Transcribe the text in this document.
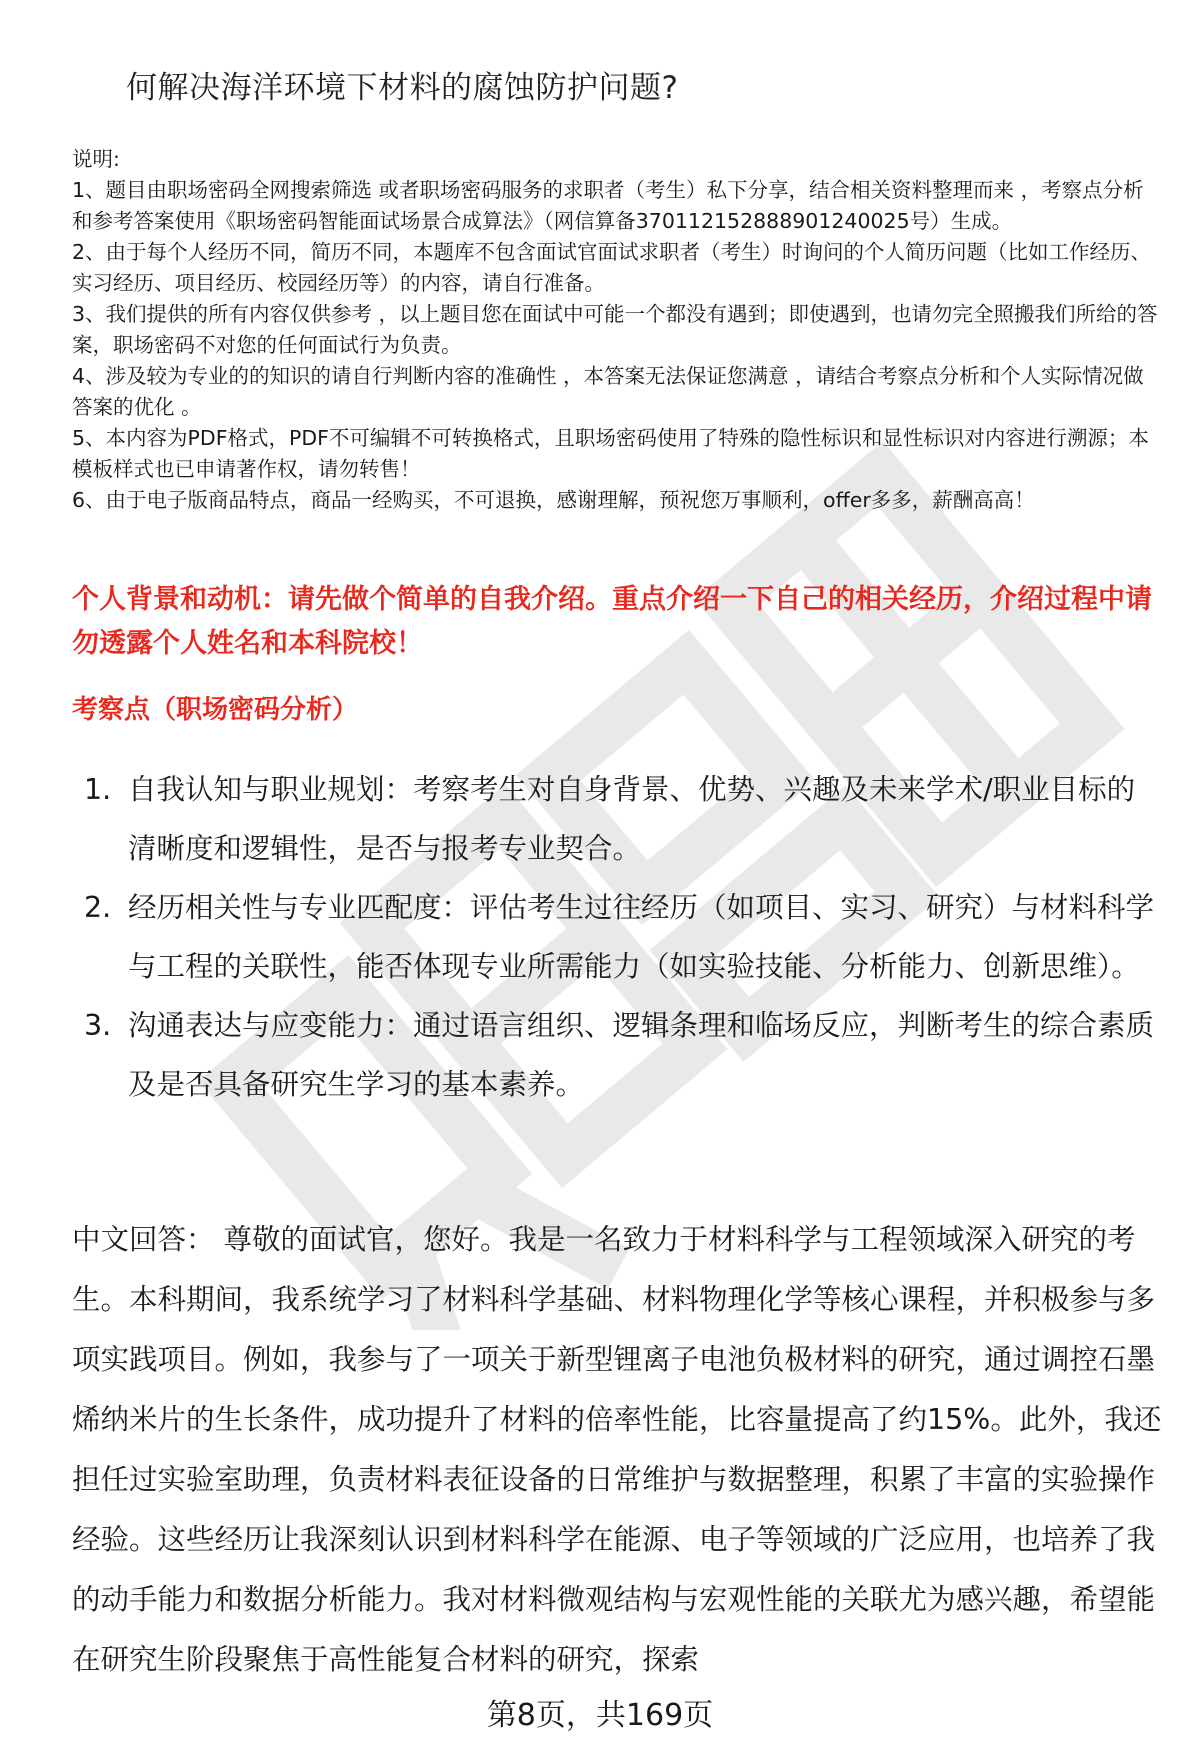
何解决海洋环境下材料的腐蚀防护问题?

说明:

1、题目由职场密码全网搜索筛选 或者职场密码服务的求职者（考生）私下分享，结合相关资料整理而来 ，考察点分析和参考答案使用《职场密码智能面试场景合成算法》（网信算备370112152888901240025号）生成。

2、由于每个人经历不同，简历不同，本题库不包含面试官面试求职者（考生）时询问的个人简历问题（比如工作经历、实习经历、项目经历、校园经历等）的内容，请自行准备。

3、我们提供的所有内容仅供参考 ，以上题目您在面试中可能一个都没有遇到；即使遇到，也请勿完全照搬我们所给的答案，职场密码不对您的任何面试行为负责。

4、涉及较为专业的的知识的请自行判断内容的准确性 ，本答案无法保证您满意 ，请结合考察点分析和个人实际情况做答案的优化 。

5、本内容为PDF格式，PDF不可编辑不可转换格式，且职场密码使用了特殊的隐性标识和显性标识对内容进行溯源；本模板样式也已申请著作权，请勿转售！

6、由于电子版商品特点，商品一经购买，不可退换，感谢理解，预祝您万事顺利，offer多多，薪酬高高！

个人背景和动机：请先做个简单的自我介绍。重点介绍一下自己的相关经历，介绍过程中请勿透露个人姓名和本科院校！
考察点（职场密码分析）
1. 自我认知与职业规划：考察考生对自身背景、优势、兴趣及未来学术/职业目标的清晰度和逻辑性，是否与报考专业契合。
2. 经历相关性与专业匹配度：评估考生过往经历（如项目、实习、研究）与材料科学与工程的关联性，能否体现专业所需能力（如实验技能、分析能力、创新思维）。
3. 沟通表达与应变能力：通过语言组织、逻辑条理和临场反应，判断考生的综合素质及是否具备研究生学习的基本素养。

中文回答： 尊敬的面试官，您好。我是一名致力于材料科学与工程领域深入研究的考生。本科期间，我系统学习了材料科学基础、材料物理化学等核心课程，并积极参与多项实践项目。例如，我参与了一项关于新型锂离子电池负极材料的研究，通过调控石墨烯纳米片的生长条件，成功提升了材料的倍率性能，比容量提高了约15%。此外，我还担任过实验室助理，负责材料表征设备的日常维护与数据整理，积累了丰富的实验操作经验。这些经历让我深刻认识到材料科学在能源、电子等领域的广泛应用，也培养了我的动手能力和数据分析能力。我对材料微观结构与宏观性能的关联尤为感兴趣，希望能在研究生阶段聚焦于高性能复合材料的研究，探索

第8页，共169页
